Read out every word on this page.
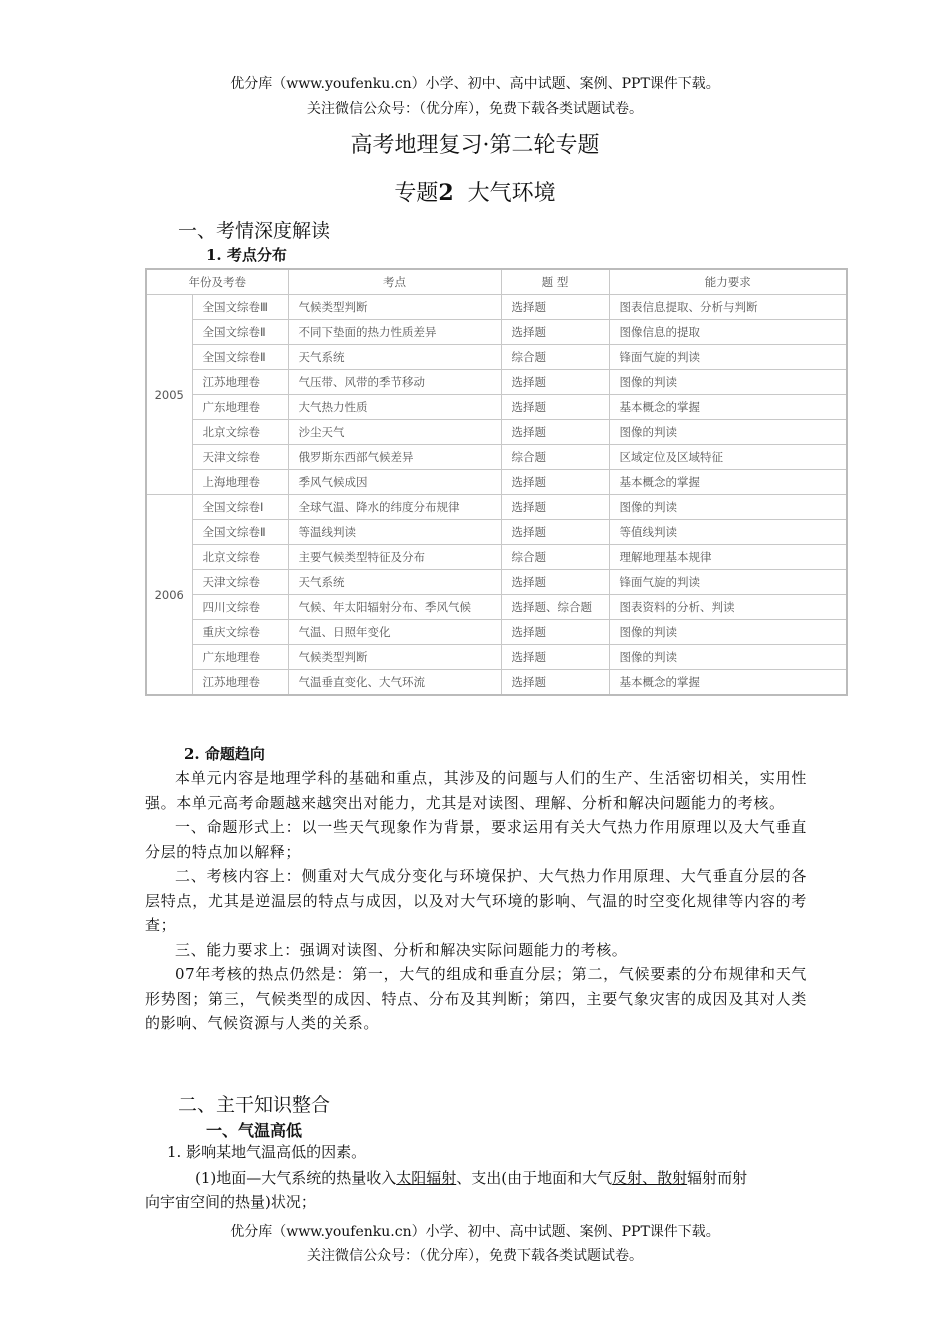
优分库（www.youfenku.cn）小学、初中、高中试题、案例、PPT课件下载。
关注微信公众号：（优分库），免费下载各类试题试卷。
高考地理复习·第二轮专题
专题2 大气环境
一、考情深度解读
1. 考点分布
年份及考卷		考点	题 型	能力要求
2005	全国文综卷Ⅲ	气候类型判断	选择题	图表信息提取、分析与判断
	全国文综卷Ⅱ	不同下垫面的热力性质差异	选择题	图像信息的提取
	全国文综卷Ⅱ	天气系统	综合题	锋面气旋的判读
	江苏地理卷	气压带、风带的季节移动	选择题	图像的判读
	广东地理卷	大气热力性质	选择题	基本概念的掌握
	北京文综卷	沙尘天气	选择题	图像的判读
	天津文综卷	俄罗斯东西部气候差异	综合题	区域定位及区域特征
	上海地理卷	季风气候成因	选择题	基本概念的掌握
2006	全国文综卷Ⅰ	全球气温、降水的纬度分布规律	选择题	图像的判读
	全国文综卷Ⅱ	等温线判读	选择题	等值线判读
	北京文综卷	主要气候类型特征及分布	综合题	理解地理基本规律
	天津文综卷	天气系统	选择题	锋面气旋的判读
	四川文综卷	气候、年太阳辐射分布、季风气候	选择题、综合题	图表资料的分析、判读
	重庆文综卷	气温、日照年变化	选择题	图像的判读
	广东地理卷	气候类型判断	选择题	图像的判读
	江苏地理卷	气温垂直变化、大气环流	选择题	基本概念的掌握
2. 命题趋向

本单元内容是地理学科的基础和重点，其涉及的问题与人们的生产、生活密切相关，实用性强。本单元高考命题越来越突出对能力，尤其是对读图、理解、分析和解决问题能力的考核。

一、命题形式上：以一些天气现象作为背景，要求运用有关大气热力作用原理以及大气垂直分层的特点加以解释；

二、考核内容上：侧重对大气成分变化与环境保护、大气热力作用原理、大气垂直分层的各层特点，尤其是逆温层的特点与成因，以及对大气环境的影响、气温的时空变化规律等内容的考查；

三、能力要求上：强调对读图、分析和解决实际问题能力的考核。

07年考核的热点仍然是：第一，大气的组成和垂直分层；第二，气候要素的分布规律和天气形势图；第三，气候类型的成因、特点、分布及其判断；第四，主要气象灾害的成因及其对人类的影响、气候资源与人类的关系。

二、主干知识整合
一、气温高低
1. 影响某地气温高低的因素。
(1)地面—大气系统的热量收入太阳辐射、支出(由于地面和大气反射、散射辐射而射
向宇宙空间的热量)状况；
优分库（www.youfenku.cn）小学、初中、高中试题、案例、PPT课件下载。
关注微信公众号：（优分库），免费下载各类试题试卷。
